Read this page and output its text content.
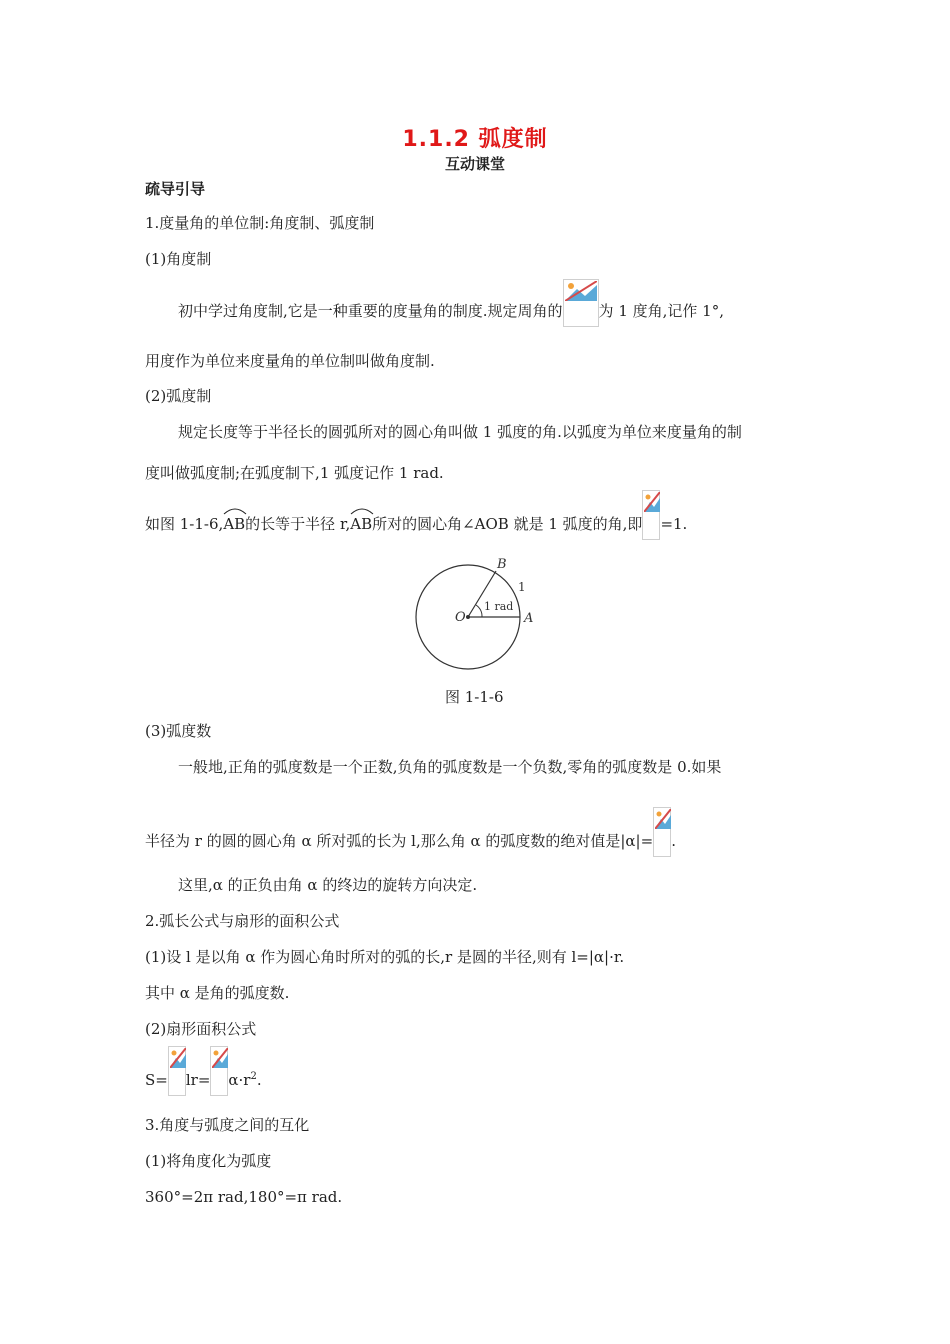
1.1.2 弧度制
互动课堂
疏导引导
1.度量角的单位制:角度制、弧度制
(1)角度制
初中学过角度制,它是一种重要的度量角的制度.规定周角的 为 1 度角,记作 1°,
用度作为单位来度量角的单位制叫做角度制.
(2)弧度制
规定长度等于半径长的圆弧所对的圆心角叫做 1 弧度的角.以弧度为单位来度量角的制
度叫做弧度制;在弧度制下,1 弧度记作 1 rad.
如图 1-1-6,
AB的长等于半径 r,
AB所对的圆心角∠AOB 就是 1 弧度的角,即 =1.
O	A
B
1
1 rad
图 1-1-6
(3)弧度数
一般地,正角的弧度数是一个正数,负角的弧度数是一个负数,零角的弧度数是 0.如果
半径为 r 的圆的圆心角 α 所对弧的长为 l,那么角 α 的弧度数的绝对值是|α|= .
这里,α 的正负由角 α 的终边的旋转方向决定.
2.弧长公式与扇形的面积公式
(1)设 l 是以角 α 作为圆心角时所对的弧的长,r 是圆的半径,则有 l=|α|·r.
其中 α 是角的弧度数.
(2)扇形面积公式
$S= lr= \alpha\cdot r^2$.
3.角度与弧度之间的互化
(1)将角度化为弧度
360°=2π rad,180°=π rad.
